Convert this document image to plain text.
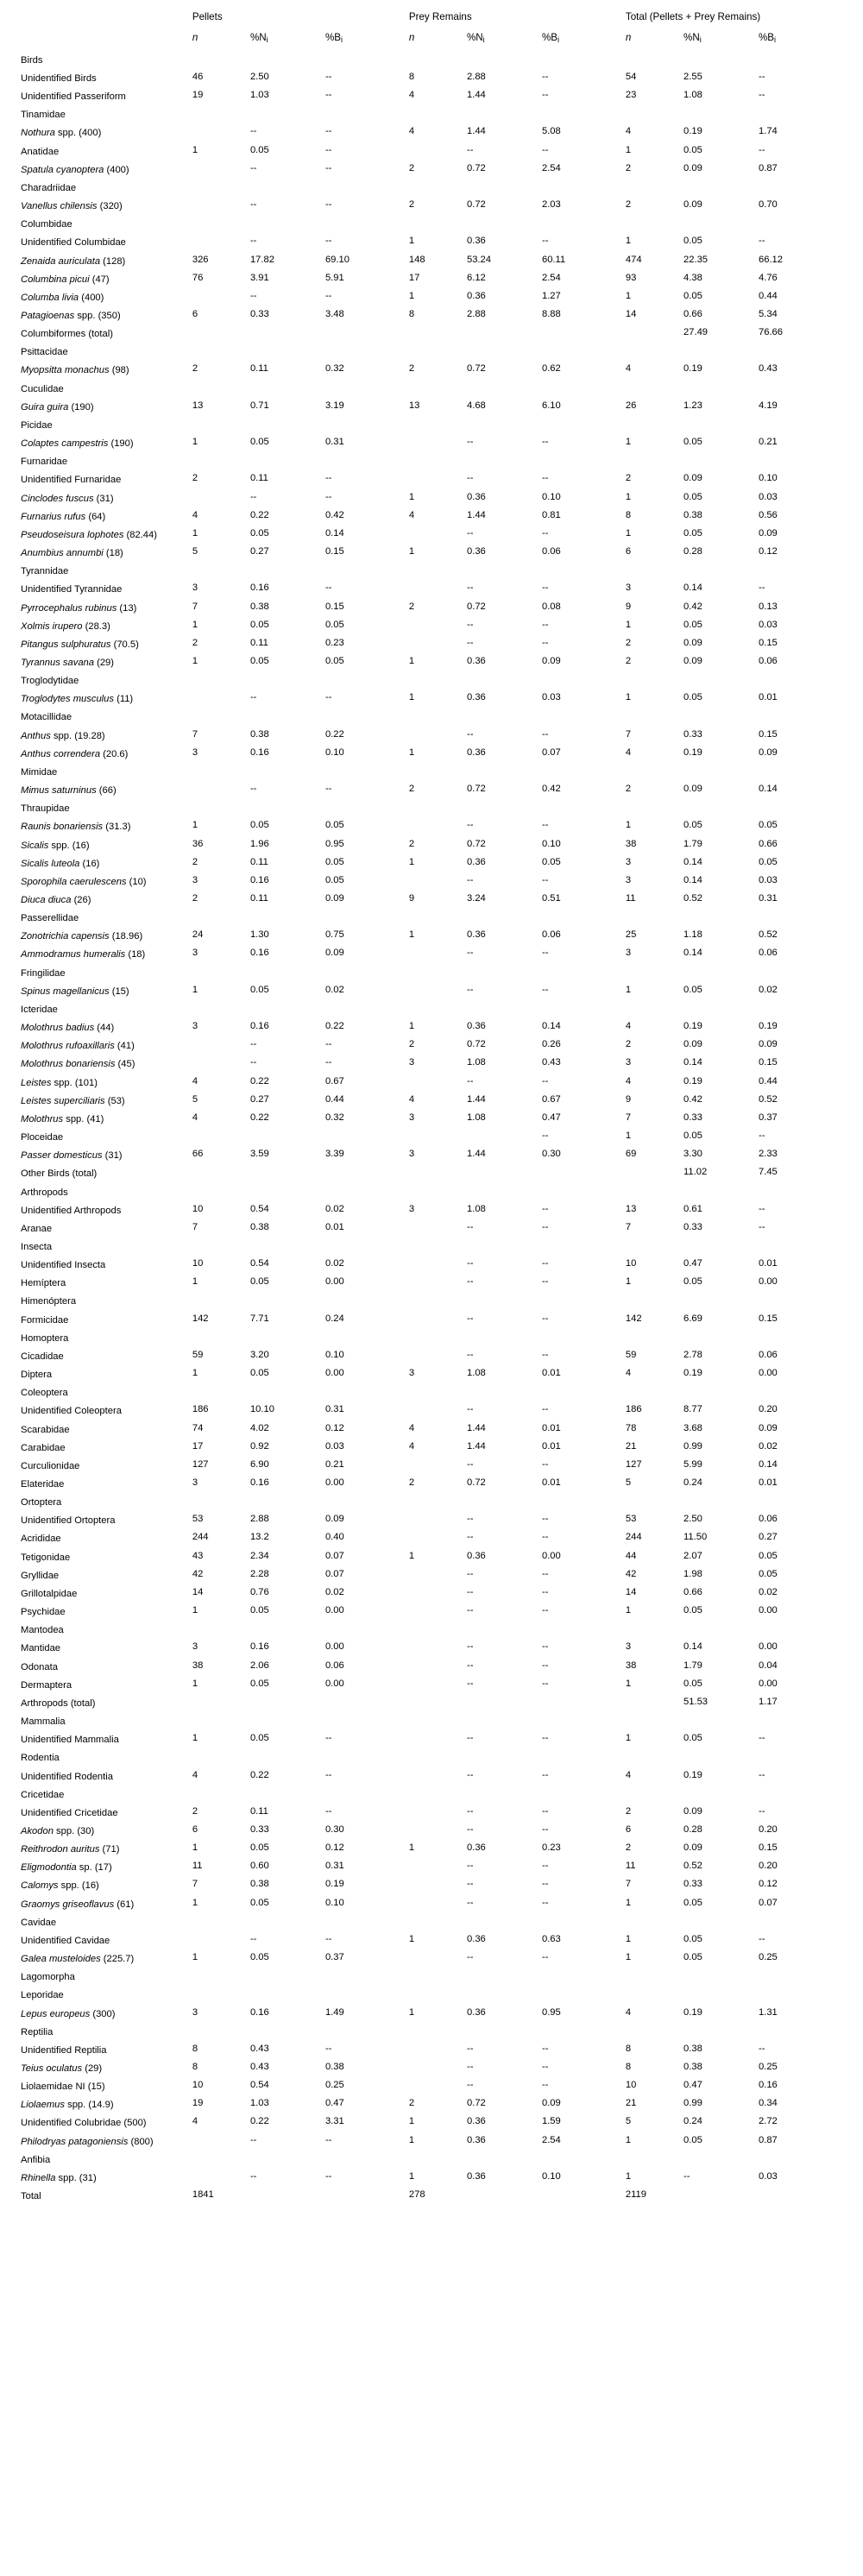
	Pellets			Prey Remains			Total (Pellets + Prey Remains)		
	n	%Ni	%Bi	n	%Ni	%Bi	n	%Ni	%Bi

Birds									
Unidentified Birds	46	2.50	--	8	2.88	--	54	2.55	--
Unidentified Passeriform	19	1.03	--	4	1.44	--	23	1.08	--
Tinamidae									
Nothura spp. (400)		--	--	4	1.44	5.08	4	0.19	1.74
Anatidae	1	0.05	--		--	--	1	0.05	--
Spatula cyanoptera (400)		--	--	2	0.72	2.54	2	0.09	0.87
Charadriidae									
Vanellus chilensis (320)		--	--	2	0.72	2.03	2	0.09	0.70
Columbidae									
Unidentified Columbidae		--	--	1	0.36	--	1	0.05	--
Zenaida auriculata (128)	326	17.82	69.10	148	53.24	60.11	474	22.35	66.12
Columbina picui (47)	76	3.91	5.91	17	6.12	2.54	93	4.38	4.76
Columba livia (400)		--	--	1	0.36	1.27	1	0.05	0.44
Patagioenas spp. (350)	6	0.33	3.48	8	2.88	8.88	14	0.66	5.34
Columbiformes (total)								27.49	76.66
Psittacidae									
Myopsitta monachus (98)	2	0.11	0.32	2	0.72	0.62	4	0.19	0.43
Cuculidae									
Guira guira (190)	13	0.71	3.19	13	4.68	6.10	26	1.23	4.19
Picidae									
Colaptes campestris (190)	1	0.05	0.31		--	--	1	0.05	0.21
Furnaridae									
Unidentified Furnaridae	2	0.11	--		--	--	2	0.09	0.10
Cinclodes fuscus (31)		--	--	1	0.36	0.10	1	0.05	0.03
Furnarius rufus (64)	4	0.22	0.42	4	1.44	0.81	8	0.38	0.56
Pseudoseisura lophotes (82.44)	1	0.05	0.14		--	--	1	0.05	0.09
Anumbius annumbi (18)	5	0.27	0.15	1	0.36	0.06	6	0.28	0.12
Tyrannidae									
Unidentified Tyrannidae	3	0.16	--		--	--	3	0.14	--
Pyrrocephalus rubinus (13)	7	0.38	0.15	2	0.72	0.08	9	0.42	0.13
Xolmis irupero (28.3)	1	0.05	0.05		--	--	1	0.05	0.03
Pitangus sulphuratus (70.5)	2	0.11	0.23		--	--	2	0.09	0.15
Tyrannus savana (29)	1	0.05	0.05	1	0.36	0.09	2	0.09	0.06
Troglodytidae									
Troglodytes musculus (11)		--	--	1	0.36	0.03	1	0.05	0.01
Motacillidae									
Anthus spp. (19.28)	7	0.38	0.22		--	--	7	0.33	0.15
Anthus correndera (20.6)	3	0.16	0.10	1	0.36	0.07	4	0.19	0.09
Mimidae									
Mimus saturninus (66)		--	--	2	0.72	0.42	2	0.09	0.14
Thraupidae									
Raunis bonariensis (31.3)	1	0.05	0.05		--	--	1	0.05	0.05
Sicalis spp. (16)	36	1.96	0.95	2	0.72	0.10	38	1.79	0.66
Sicalis luteola (16)	2	0.11	0.05	1	0.36	0.05	3	0.14	0.05
Sporophila caerulescens (10)	3	0.16	0.05		--	--	3	0.14	0.03
Diuca diuca (26)	2	0.11	0.09	9	3.24	0.51	11	0.52	0.31
Passerellidae									
Zonotrichia capensis (18.96)	24	1.30	0.75	1	0.36	0.06	25	1.18	0.52
Ammodramus humeralis (18)	3	0.16	0.09		--	--	3	0.14	0.06
Fringilidae									
Spinus magellanicus (15)	1	0.05	0.02		--	--	1	0.05	0.02
Icteridae									
Molothrus badius (44)	3	0.16	0.22	1	0.36	0.14	4	0.19	0.19
Molothrus rufoaxillaris (41)		--	--	2	0.72	0.26	2	0.09	0.09
Molothrus bonariensis (45)		--	--	3	1.08	0.43	3	0.14	0.15
Leistes spp. (101)	4	0.22	0.67		--	--	4	0.19	0.44
Leistes superciliaris (53)	5	0.27	0.44	4	1.44	0.67	9	0.42	0.52
Molothrus spp. (41)	4	0.22	0.32	3	1.08	0.47	7	0.33	0.37
Ploceidae						--	1	0.05	--
Passer domesticus (31)	66	3.59	3.39	3	1.44	0.30	69	3.30	2.33
Other Birds (total)								11.02	7.45
Arthropods									
Unidentified Arthropods	10	0.54	0.02	3	1.08	--	13	0.61	--
Aranae	7	0.38	0.01		--	--	7	0.33	--
Insecta									
Unidentified Insecta	10	0.54	0.02		--	--	10	0.47	0.01
Hemíptera	1	0.05	0.00		--	--	1	0.05	0.00
Himenóptera									
Formicidae	142	7.71	0.24		--	--	142	6.69	0.15
Homoptera									
Cicadidae	59	3.20	0.10		--	--	59	2.78	0.06
Diptera	1	0.05	0.00	3	1.08	0.01	4	0.19	0.00
Coleoptera									
Unidentified Coleoptera	186	10.10	0.31		--	--	186	8.77	0.20
Scarabidae	74	4.02	0.12	4	1.44	0.01	78	3.68	0.09
Carabidae	17	0.92	0.03	4	1.44	0.01	21	0.99	0.02
Curculionidae	127	6.90	0.21		--	--	127	5.99	0.14
Elateridae	3	0.16	0.00	2	0.72	0.01	5	0.24	0.01
Ortoptera									
Unidentified Ortoptera	53	2.88	0.09		--	--	53	2.50	0.06
Acrididae	244	13.2	0.40		--	--	244	11.50	0.27
Tetigonidae	43	2.34	0.07	1	0.36	0.00	44	2.07	0.05
Gryllidae	42	2.28	0.07		--	--	42	1.98	0.05
Grillotalpidae	14	0.76	0.02		--	--	14	0.66	0.02
Psychidae	1	0.05	0.00		--	--	1	0.05	0.00
Mantodea									
Mantidae	3	0.16	0.00		--	--	3	0.14	0.00
Odonata	38	2.06	0.06		--	--	38	1.79	0.04
Dermaptera	1	0.05	0.00		--	--	1	0.05	0.00
Arthropods (total)								51.53	1.17
Mammalia									
Unidentified Mammalia	1	0.05	--		--	--	1	0.05	--
Rodentia									
Unidentified Rodentia	4	0.22	--		--	--	4	0.19	--
Cricetidae									
Unidentified Cricetidae	2	0.11	--		--	--	2	0.09	--
Akodon spp. (30)	6	0.33	0.30		--	--	6	0.28	0.20
Reithrodon auritus (71)	1	0.05	0.12	1	0.36	0.23	2	0.09	0.15
Eligmodontia sp. (17)	11	0.60	0.31		--	--	11	0.52	0.20
Calomys spp. (16)	7	0.38	0.19		--	--	7	0.33	0.12
Graomys griseoflavus (61)	1	0.05	0.10		--	--	1	0.05	0.07
Cavidae									
Unidentified Cavidae		--	--	1	0.36	0.63	1	0.05	--
Galea musteloides (225.7)	1	0.05	0.37		--	--	1	0.05	0.25
Lagomorpha									
Leporidae									
Lepus europeus (300)	3	0.16	1.49	1	0.36	0.95	4	0.19	1.31
Reptilia									
Unidentified Reptilia	8	0.43	--		--	--	8	0.38	--
Teius oculatus (29)	8	0.43	0.38		--	--	8	0.38	0.25
Liolaemidae NI (15)	10	0.54	0.25		--	--	10	0.47	0.16
Liolaemus spp. (14.9)	19	1.03	0.47	2	0.72	0.09	21	0.99	0.34
Unidentified Colubridae (500)	4	0.22	3.31	1	0.36	1.59	5	0.24	2.72
Philodryas patagoniensis (800)		--	--	1	0.36	2.54	1	0.05	0.87
Anfibia									
Rhinella spp. (31)		--	--	1	0.36	0.10	1	--	0.03
Total	1841			278			2119		
